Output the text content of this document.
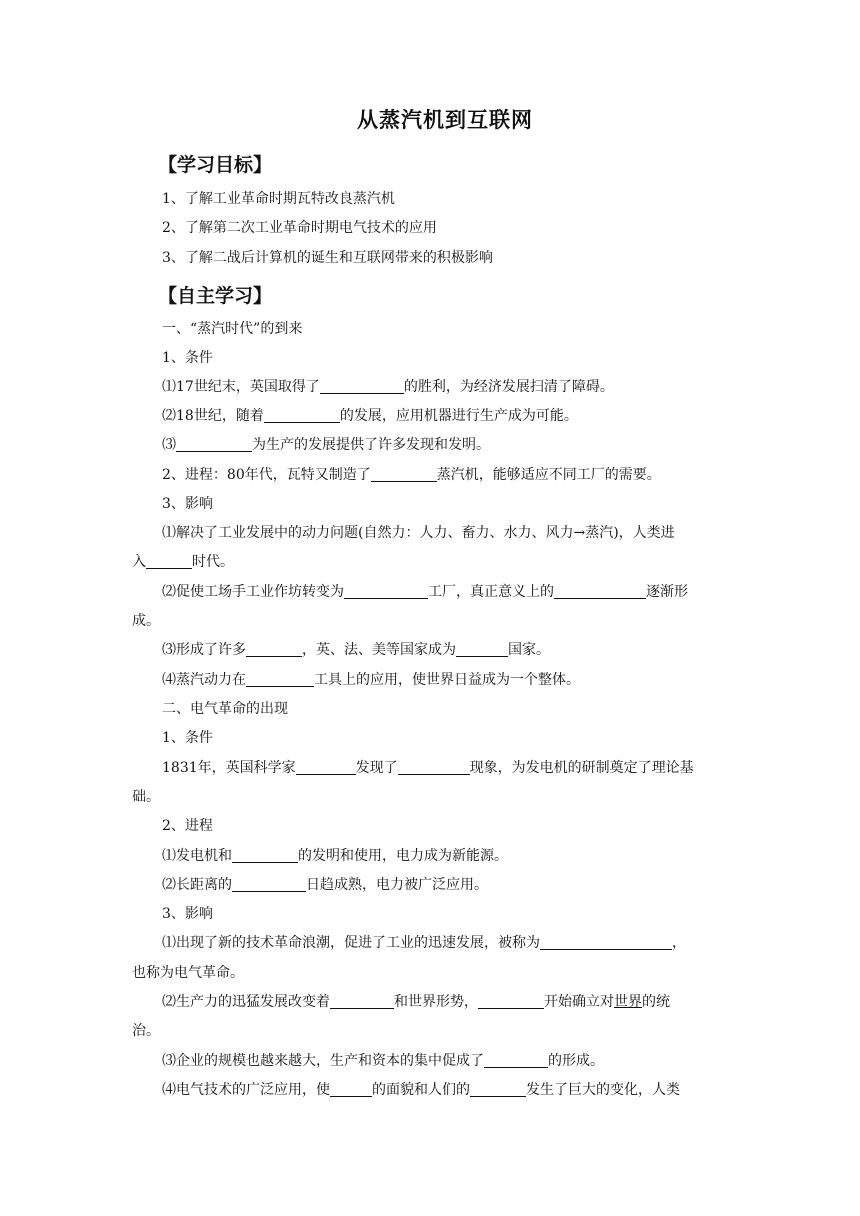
从蒸汽机到互联网
【学习目标】
1、了解工业革命时期瓦特改良蒸汽机
2、了解第二次工业革命时期电气技术的应用
3、了解二战后计算机的诞生和互联网带来的积极影响
【自主学习】
一、“蒸汽时代”的到来
1、条件
⑴17世纪末，英国取得了	的胜利，为经济发展扫清了障碍。
⑵18世纪，随着	的发展，应用机器进行生产成为可能。
⑶	为生产的发展提供了许多发现和发明。
2、进程：80年代，瓦特又制造了	蒸汽机，能够适应不同工厂的需要。
3、影响
⑴解决了工业发展中的动力问题(自然力：人力、畜力、水力、风力→蒸汽)，人类进
入	时代。
⑵促使工场手工业作坊转变为	工厂，真正意义上的	逐渐形
成。
⑶形成了许多	，英、法、美等国家成为	国家。
⑷蒸汽动力在	工具上的应用，使世界日益成为一个整体。
二、电气革命的出现
1、条件
1831年，英国科学家	发现了	现象，为发电机的研制奠定了理论基
础。
2、进程
⑴发电机和	的发明和使用，电力成为新能源。
⑵长距离的	日趋成熟，电力被广泛应用。
3、影响
⑴出现了新的技术革命浪潮，促进了工业的迅速发展，被称为	，
也称为电气革命。
⑵生产力的迅猛发展改变着	和世界形势，	开始确立对世界的统
治。
⑶企业的规模也越来越大，生产和资本的集中促成了	的形成。
⑷电气技术的广泛应用，使	的面貌和人们的	发生了巨大的变化，人类
